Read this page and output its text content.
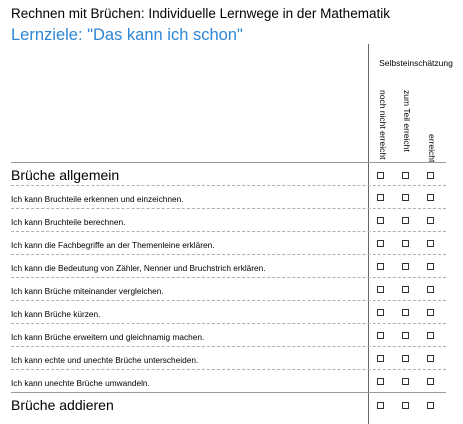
Rechnen mit Brüchen: Individuelle Lernwege in der Mathematik
Lernziele: "Das kann ich schon"
Selbsteinschätzung
noch nicht erreicht zum Teil erreicht erreicht
Brüche allgemein
Ich kann Bruchteile erkennen und einzeichnen.
Ich kann Bruchteile berechnen.
Ich kann die Fachbegriffe an der Themenleine erklären.
Ich kann die Bedeutung von Zähler, Nenner und Bruchstrich erklären.
Ich kann Brüche miteinander vergleichen.
Ich kann Brüche kürzen.
Ich kann Brüche erweitern und gleichnamig machen.
Ich kann echte und unechte Brüche unterscheiden.
Ich kann unechte Brüche umwandeln.
Brüche addieren
